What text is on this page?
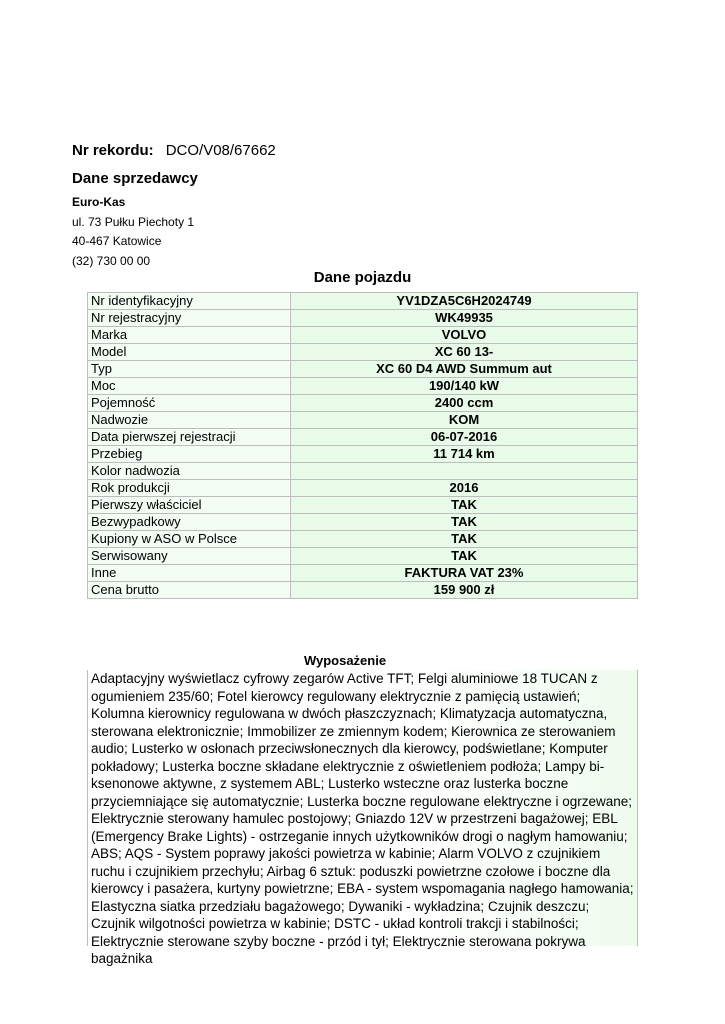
Nr rekordu: DCO/V08/67662
Dane sprzedawcy
Euro-Kas
ul. 73 Pułku Piechoty 1
40-467 Katowice
(32) 730 00 00
Dane pojazdu
Nr identyfikacyjny	YV1DZA5C6H2024749
Nr rejestracyjny	WK49935
Marka	VOLVO
Model	XC 60 13-
Typ	XC 60 D4 AWD Summum aut
Moc	190/140 kW
Pojemność	2400 ccm
Nadwozie	KOM
Data pierwszej rejestracji	06-07-2016
Przebieg	11 714 km
Kolor nadwozia	
Rok produkcji	2016
Pierwszy właściciel	TAK
Bezwypadkowy	TAK
Kupiony w ASO w Polsce	TAK
Serwisowany	TAK
Inne	FAKTURA VAT 23%
Cena brutto	159 900 zł
Wyposażenie
Adaptacyjny wyświetlacz cyfrowy zegarów Active TFT; Felgi aluminiowe 18 TUCAN z ogumieniem 235/60; Fotel kierowcy regulowany elektrycznie z pamięcią ustawień; Kolumna kierownicy regulowana w dwóch płaszczyznach; Klimatyzacja automatyczna, sterowana elektronicznie; Immobilizer ze zmiennym kodem; Kierownica ze sterowaniem audio; Lusterko w osłonach przeciwsłonecznych dla kierowcy, podświetlane; Komputer pokładowy; Lusterka boczne składane elektrycznie z oświetleniem podłoża; Lampy bi-ksenonowe aktywne, z systemem ABL; Lusterko wsteczne oraz lusterka boczne przyciemniające się automatycznie; Lusterka boczne regulowane elektryczne i ogrzewane; Elektrycznie sterowany hamulec postojowy; Gniazdo 12V w przestrzeni bagażowej; EBL (Emergency Brake Lights) - ostrzeganie innych użytkowników drogi o nagłym hamowaniu; ABS; AQS - System poprawy jakości powietrza w kabinie; Alarm VOLVO z czujnikiem ruchu i czujnikiem przechyłu; Airbag 6 sztuk: poduszki powietrzne czołowe i boczne dla kierowcy i pasażera, kurtyny powietrzne; EBA - system wspomagania nagłego hamowania; Elastyczna siatka przedziału bagażowego; Dywaniki - wykładzina; Czujnik deszczu; Czujnik wilgotności powietrza w kabinie; DSTC - układ kontroli trakcji i stabilności; Elektrycznie sterowane szyby boczne - przód i tył; Elektrycznie sterowana pokrywa bagażnika
